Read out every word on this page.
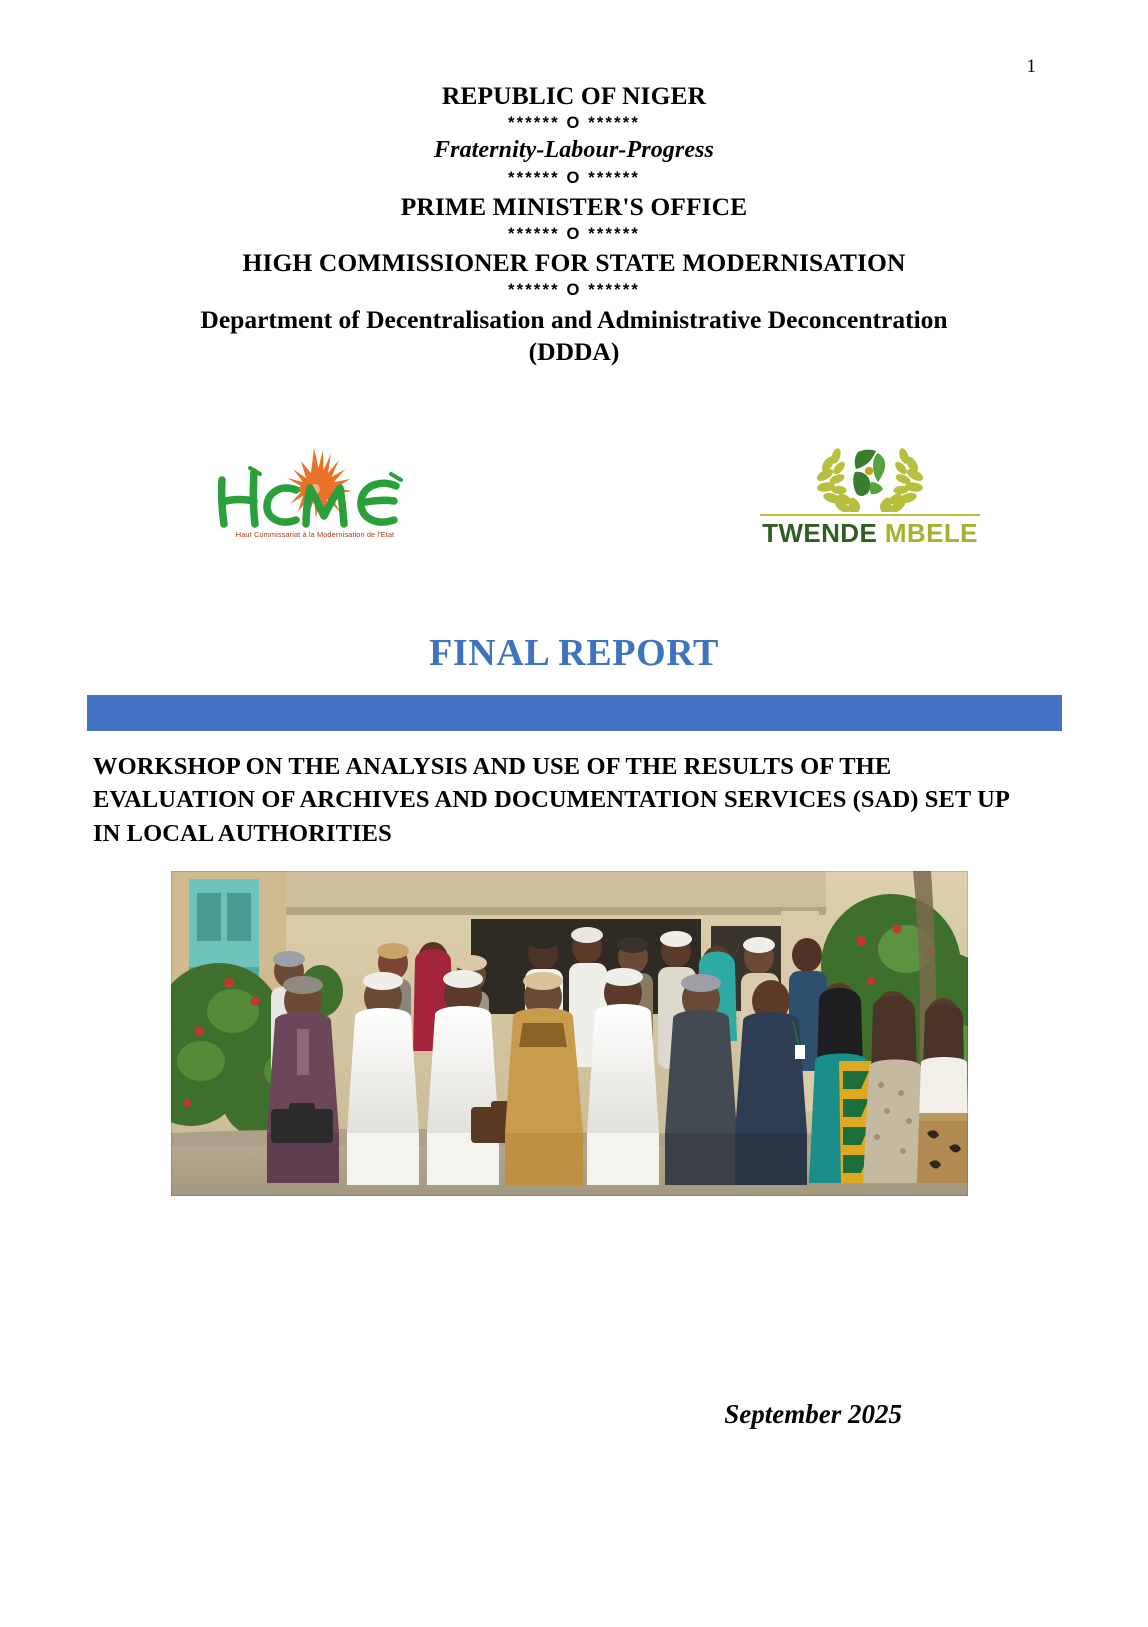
1
REPUBLIC OF NIGER
****** O ******
Fraternity-Labour-Progress
****** O ******
PRIME MINISTER'S OFFICE
****** O ******
HIGH COMMISSIONER FOR STATE MODERNISATION
****** O ******
Department of Decentralisation and Administrative Deconcentration (DDDA)
Haut Commissariat à la Modernisation de l'Etat	TWENDE MBELE
FINAL REPORT
WORKSHOP ON THE ANALYSIS AND USE OF THE RESULTS OF THE EVALUATION OF ARCHIVES AND DOCUMENTATION SERVICES (SAD) SET UP IN LOCAL AUTHORITIES
September 2025
